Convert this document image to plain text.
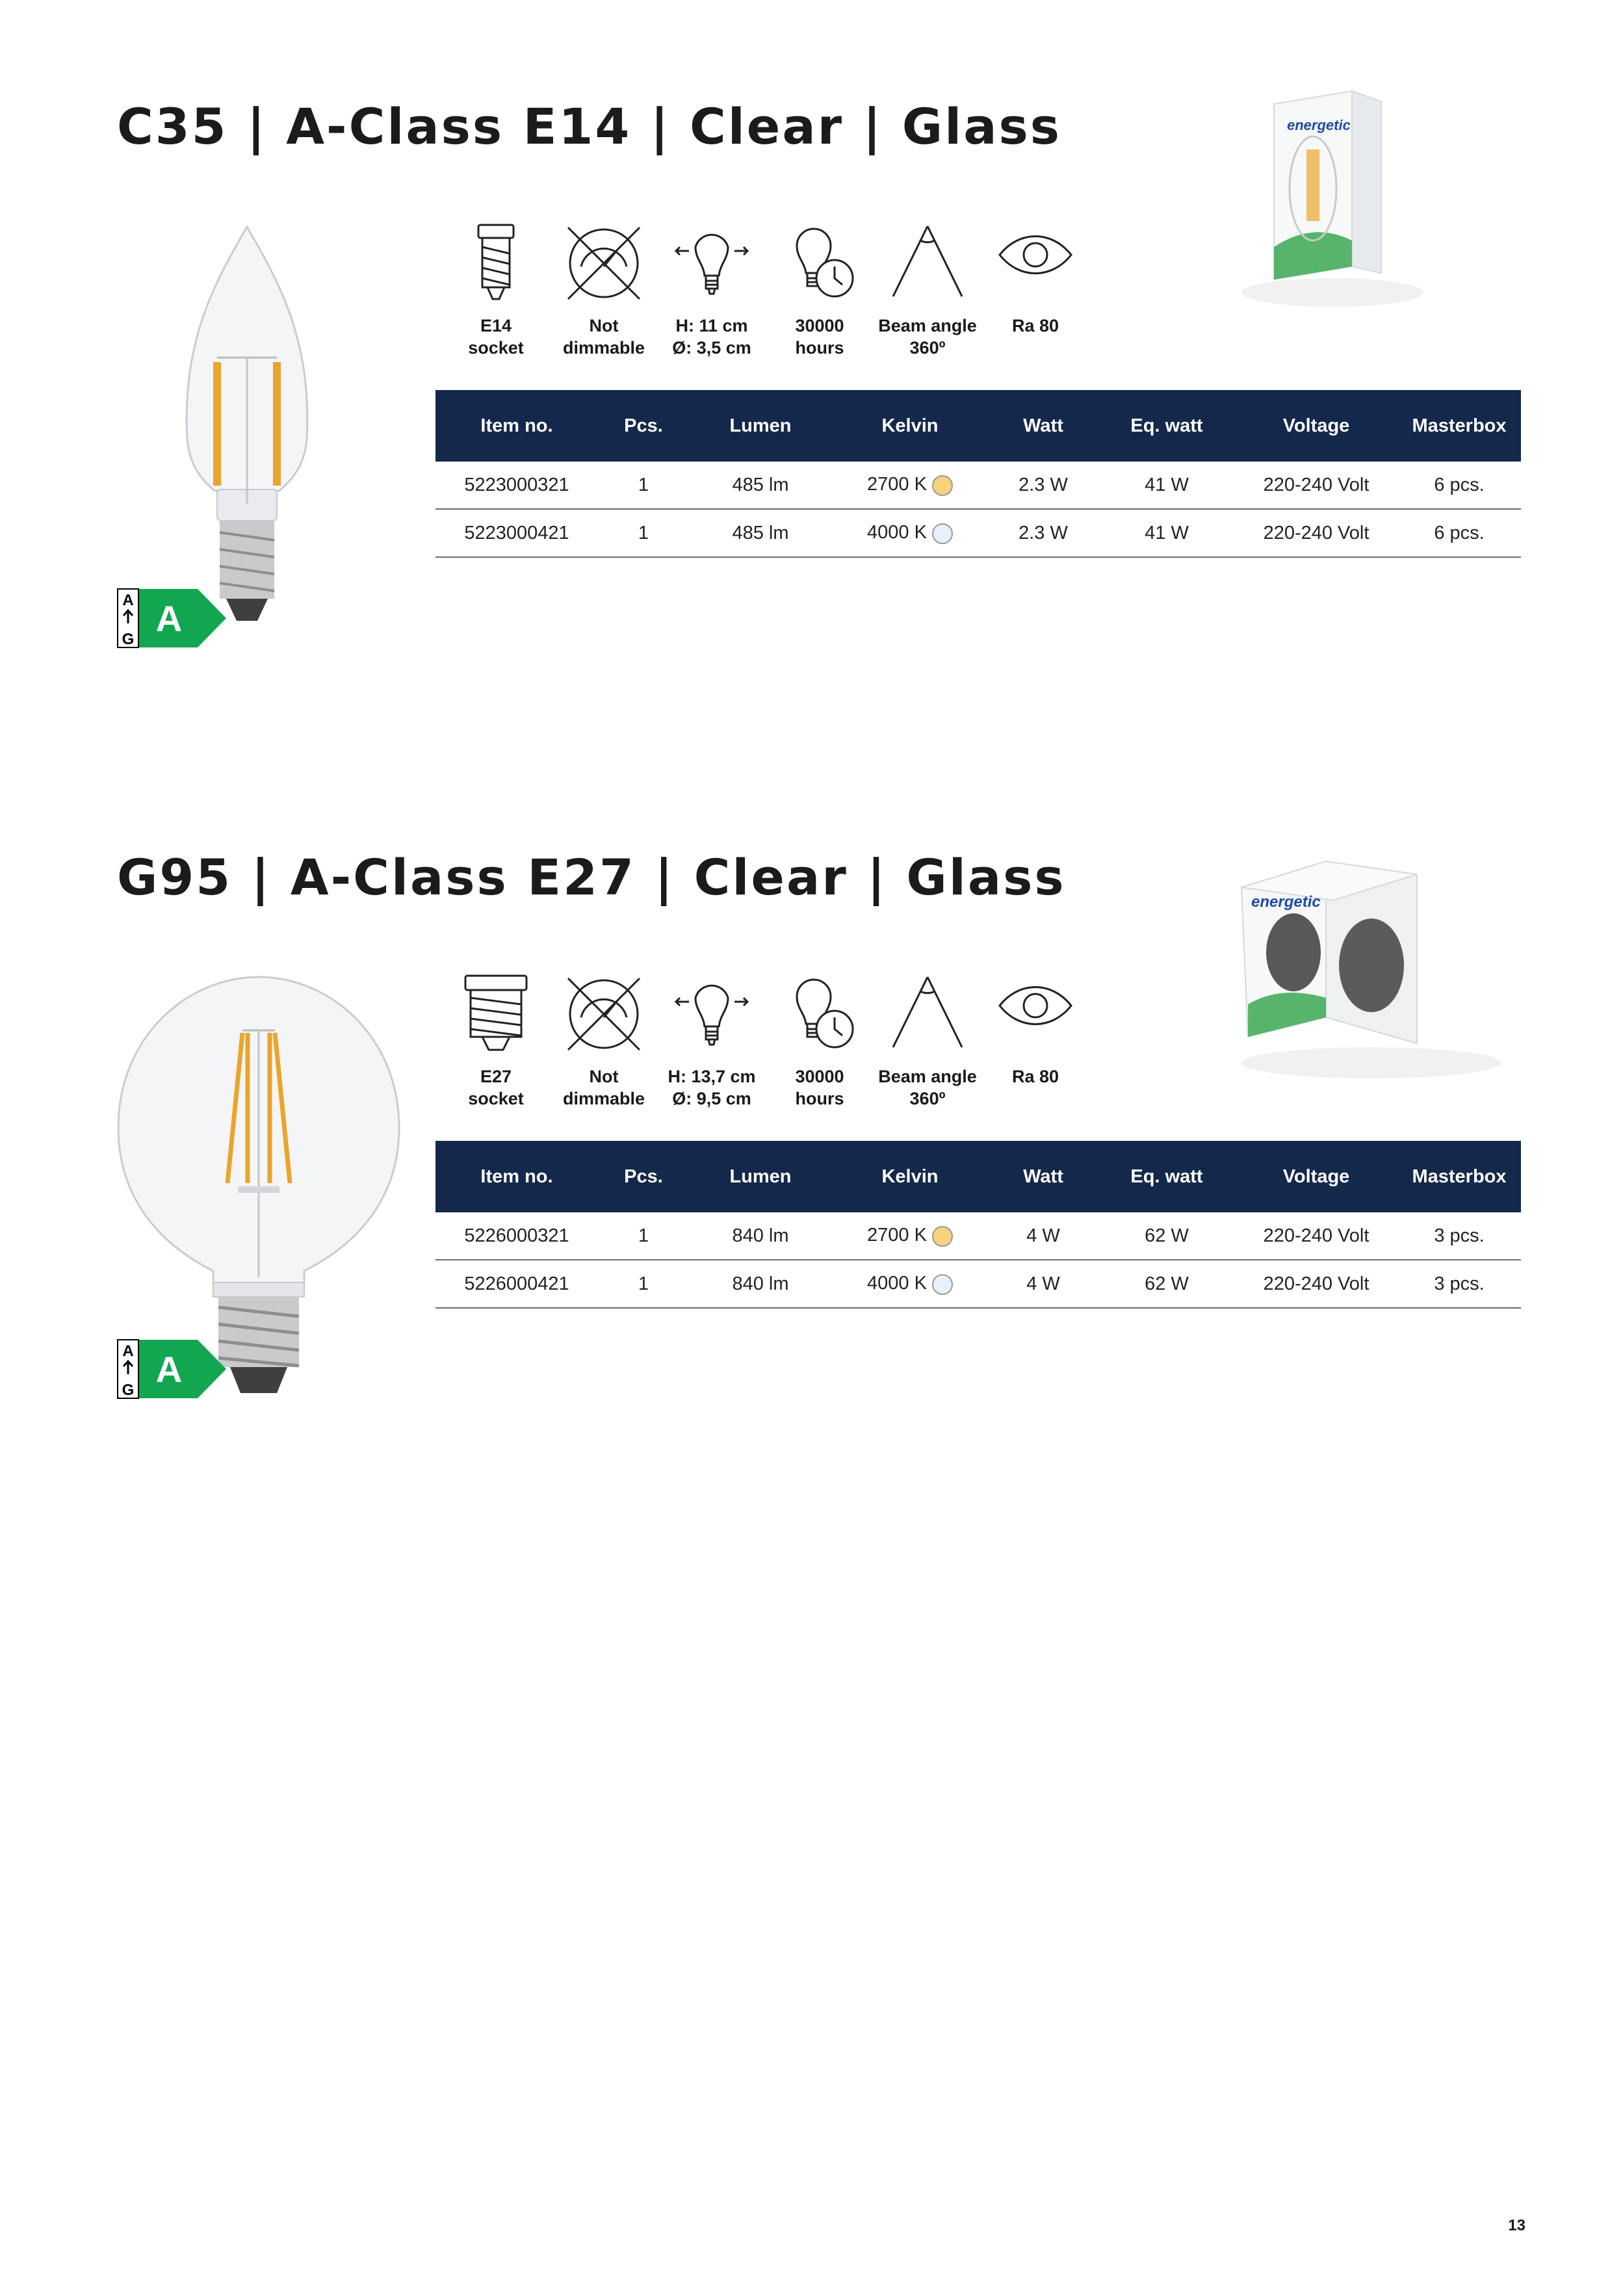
C35 | A-Class E14 | Clear | Glass
A
G
A
energetic
E14
socket
Not
dimmable
H: 11 cm
Ø: 3,5 cm
30000
hours
Beam angle
360º
Ra 80

Item no.	Pcs.	Lumen	Kelvin	Watt	Eq. watt	Voltage	Masterbox
5223000321	1	485 lm	2700 K	2.3 W	41 W	220-240 Volt	6 pcs.
5223000421	1	485 lm	4000 K	2.3 W	41 W	220-240 Volt	6 pcs.
G95 | A-Class E27 | Clear | Glass
A
G
A
energetic
E27
socket
Not
dimmable
H: 13,7 cm
Ø: 9,5 cm
30000
hours
Beam angle
360º
Ra 80

Item no.	Pcs.	Lumen	Kelvin	Watt	Eq. watt	Voltage	Masterbox
5226000321	1	840 lm	2700 K	4 W	62 W	220-240 Volt	3 pcs.
5226000421	1	840 lm	4000 K	4 W	62 W	220-240 Volt	3 pcs.
13
